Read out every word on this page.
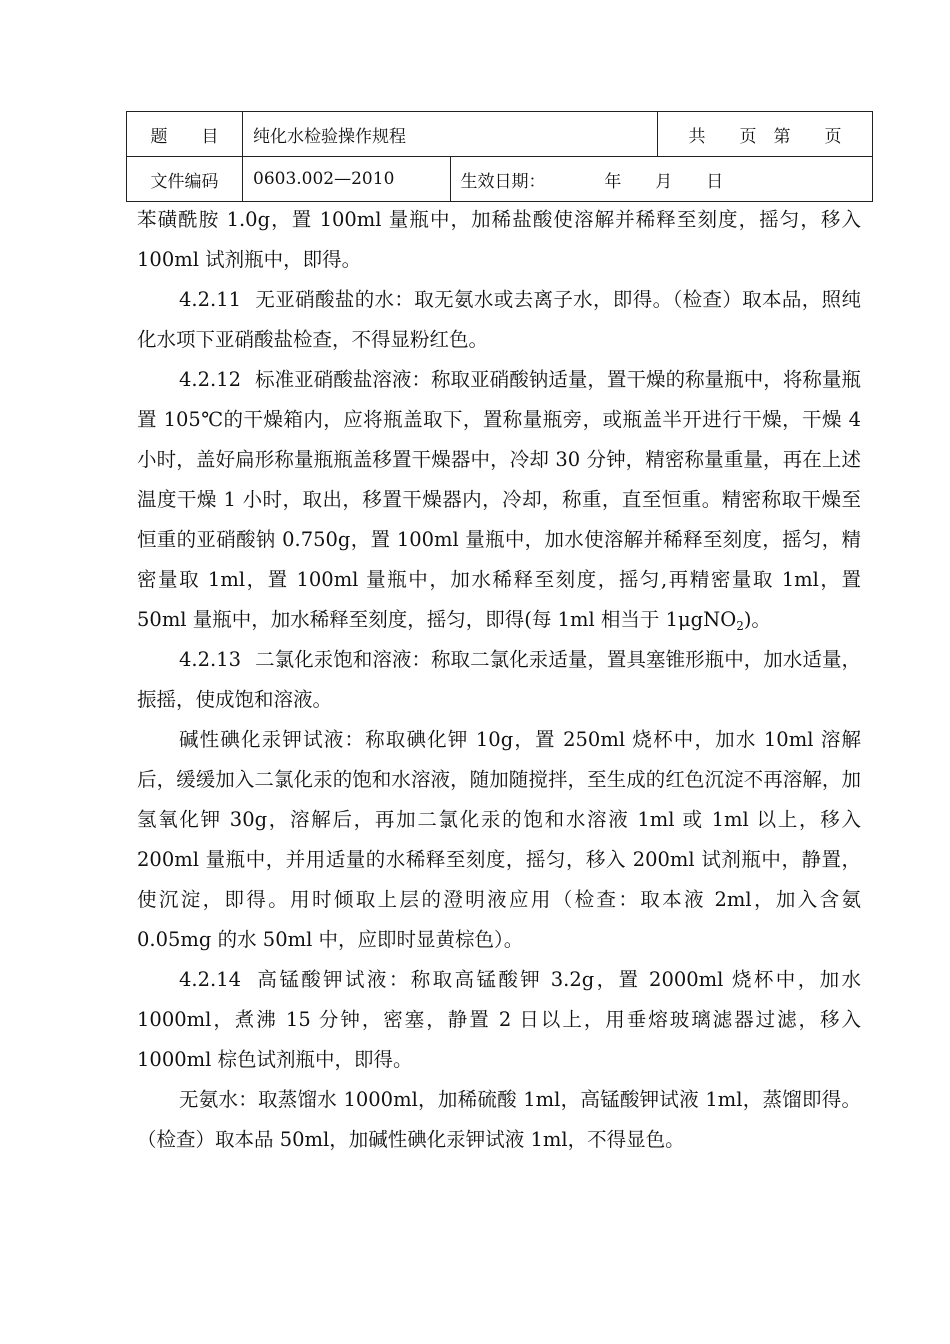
题　　目	纯化水检验操作规程		共　　页　第　　页
文件编码	0603.002—2010	生效日期： 年　　月　　日	

苯磺酰胺 1.0g，置 100ml 量瓶中，加稀盐酸使溶解并稀释至刻度，摇匀，移入 100ml 试剂瓶中，即得。

4.2.11 无亚硝酸盐的水：取无氨水或去离子水，即得。（检查）取本品，照纯化水项下亚硝酸盐检查，不得显粉红色。

4.2.12 标准亚硝酸盐溶液：称取亚硝酸钠适量，置干燥的称量瓶中，将称量瓶置 105℃的干燥箱内，应将瓶盖取下，置称量瓶旁，或瓶盖半开进行干燥，干燥 4 小时，盖好扁形称量瓶瓶盖移置干燥器中，冷却 30 分钟，精密称量重量，再在上述温度干燥 1 小时，取出，移置干燥器内，冷却，称重，直至恒重。精密称取干燥至恒重的亚硝酸钠 0.750g，置 100ml 量瓶中，加水使溶解并稀释至刻度，摇匀，精密量取 1ml，置 100ml 量瓶中，加水稀释至刻度，摇匀,再精密量取 1ml，置 50ml 量瓶中，加水稀释至刻度，摇匀，即得(每 1ml 相当于 1μgNO$_2$)。

4.2.13 二氯化汞饱和溶液：称取二氯化汞适量，置具塞锥形瓶中，加水适量，振摇，使成饱和溶液。

碱性碘化汞钾试液：称取碘化钾 10g，置 250ml 烧杯中，加水 10ml 溶解后，缓缓加入二氯化汞的饱和水溶液，随加随搅拌，至生成的红色沉淀不再溶解，加氢氧化钾 30g，溶解后，再加二氯化汞的饱和水溶液 1ml 或 1ml 以上，移入 200ml 量瓶中，并用适量的水稀释至刻度，摇匀，移入 200ml 试剂瓶中，静置，使沉淀，即得。用时倾取上层的澄明液应用（检查：取本液 2ml，加入含氨 0.05mg 的水 50ml 中，应即时显黄棕色）。

4.2.14 高锰酸钾试液：称取高锰酸钾 3.2g，置 2000ml 烧杯中，加水 1000ml，煮沸 15 分钟，密塞，静置 2 日以上，用垂熔玻璃滤器过滤，移入 1000ml 棕色试剂瓶中，即得。

无氨水：取蒸馏水 1000ml，加稀硫酸 1ml，高锰酸钾试液 1ml，蒸馏即得。（检查）取本品 50ml，加碱性碘化汞钾试液 1ml，不得显色。
